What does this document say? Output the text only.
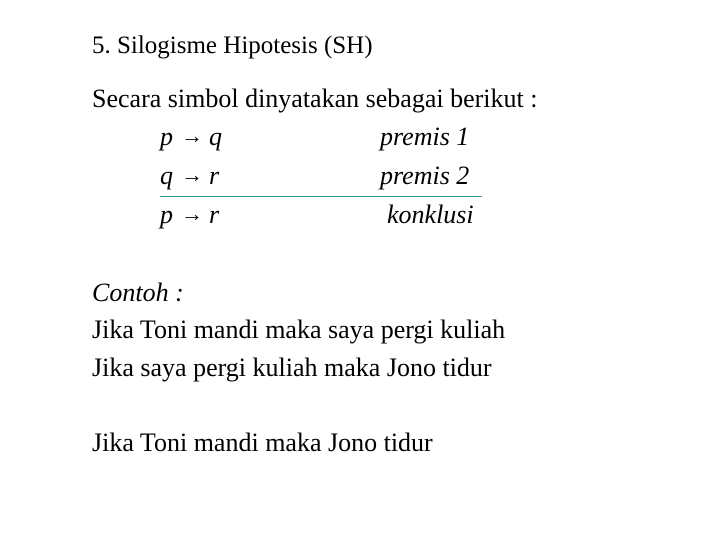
5. Silogisme Hipotesis (SH)
Secara simbol dinyatakan sebagai berikut :
p → q	premis 1
q → r	premis 2
p → r	konklusi
Contoh :
Jika Toni mandi maka saya pergi kuliah
Jika saya pergi kuliah maka Jono tidur
Jika Toni mandi maka Jono tidur
